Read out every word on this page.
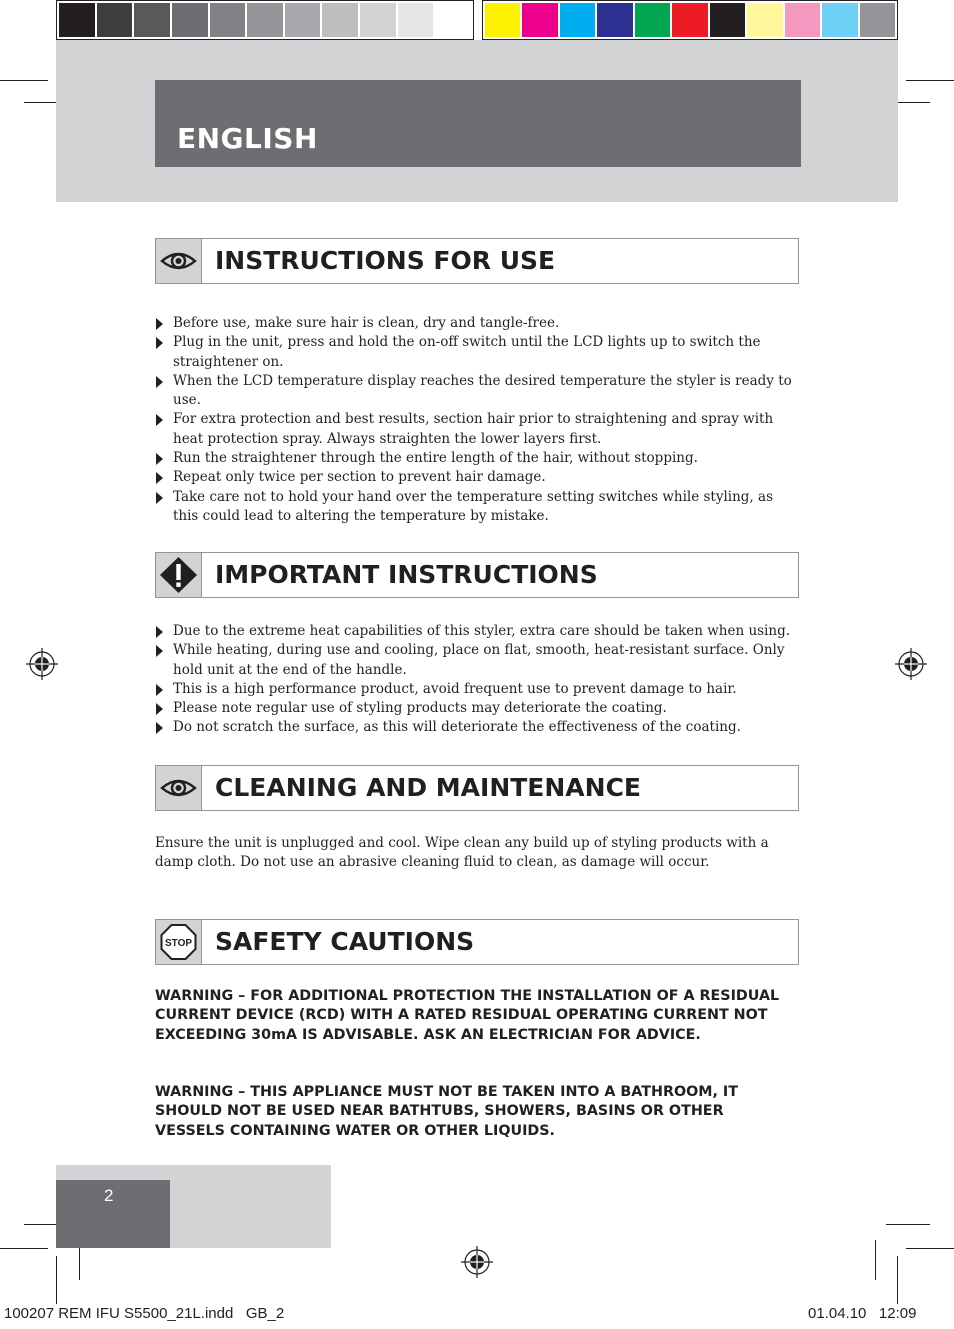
ENGLISH
INSTRUCTIONS FOR USE
Before use, make sure hair is clean, dry and tangle-free.
Plug in the unit, press and hold the on-off switch until the LCD lights up to switch the straightener on.
When the LCD temperature display reaches the desired temperature the styler is ready to use.
For extra protection and best results, section hair prior to straightening and spray with heat protection spray. Always straighten the lower layers first.
Run the straightener through the entire length of the hair, without stopping.
Repeat only twice per section to prevent hair damage.
Take care not to hold your hand over the temperature setting switches while styling, as this could lead to altering the temperature by mistake.
IMPORTANT INSTRUCTIONS
Due to the extreme heat capabilities of this styler, extra care should be taken when using.
While heating, during use and cooling, place on flat, smooth, heat-resistant surface. Only hold unit at the end of the handle.
This is a high performance product, avoid frequent use to prevent damage to hair.
Please note regular use of styling products may deteriorate the coating.
Do not scratch the surface, as this will deteriorate the effectiveness of the coating.
CLEANING AND MAINTENANCE
Ensure the unit is unplugged and cool. Wipe clean any build up of styling products with a damp cloth. Do not use an abrasive cleaning fluid to clean, as damage will occur.
STOP SAFETY CAUTIONS
WARNING – FOR ADDITIONAL PROTECTION THE INSTALLATION OF A RESIDUAL CURRENT DEVICE (RCD) WITH A RATED RESIDUAL OPERATING CURRENT NOT EXCEEDING 30mA IS ADVISABLE. ASK AN ELECTRICIAN FOR ADVICE.
WARNING – THIS APPLIANCE MUST NOT BE TAKEN INTO A BATHROOM, IT SHOULD NOT BE USED NEAR BATHTUBS, SHOWERS, BASINS OR OTHER VESSELS CONTAINING WATER OR OTHER LIQUIDS.
2
100207 REM IFU S5500_21L.indd   GB_2	01.04.10   12:09
